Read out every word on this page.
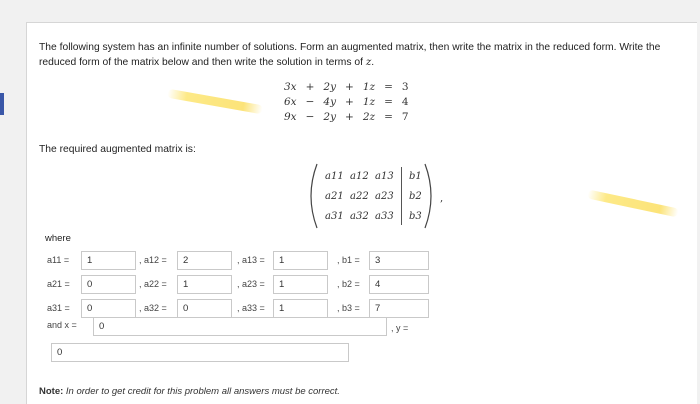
The following system has an infinite number of solutions. Form an augmented matrix, then write the matrix in the reduced form. Write the reduced form of the matrix below and then write the solution in terms of z.
3x	+	2y	+	1z	=	3
6x	−	4y	+	1z	=	4
9x	−	2y	+	2z	=	7
The required augmented matrix is:
a11 a12 a13 b1
a21 a22 a23 b2
a31 a32 a33 b3
,
where
and x =	0	, y =
0
Note: In order to get credit for this problem all answers must be correct.
a11 =	1	, a12 =	2	, a13 =	1	, b1 =	3
a21 =	0	, a22 =	1	, a23 =	1	, b2 =	4
a31 =	0	, a32 =	0	, a33 =	1	, b3 =	7
